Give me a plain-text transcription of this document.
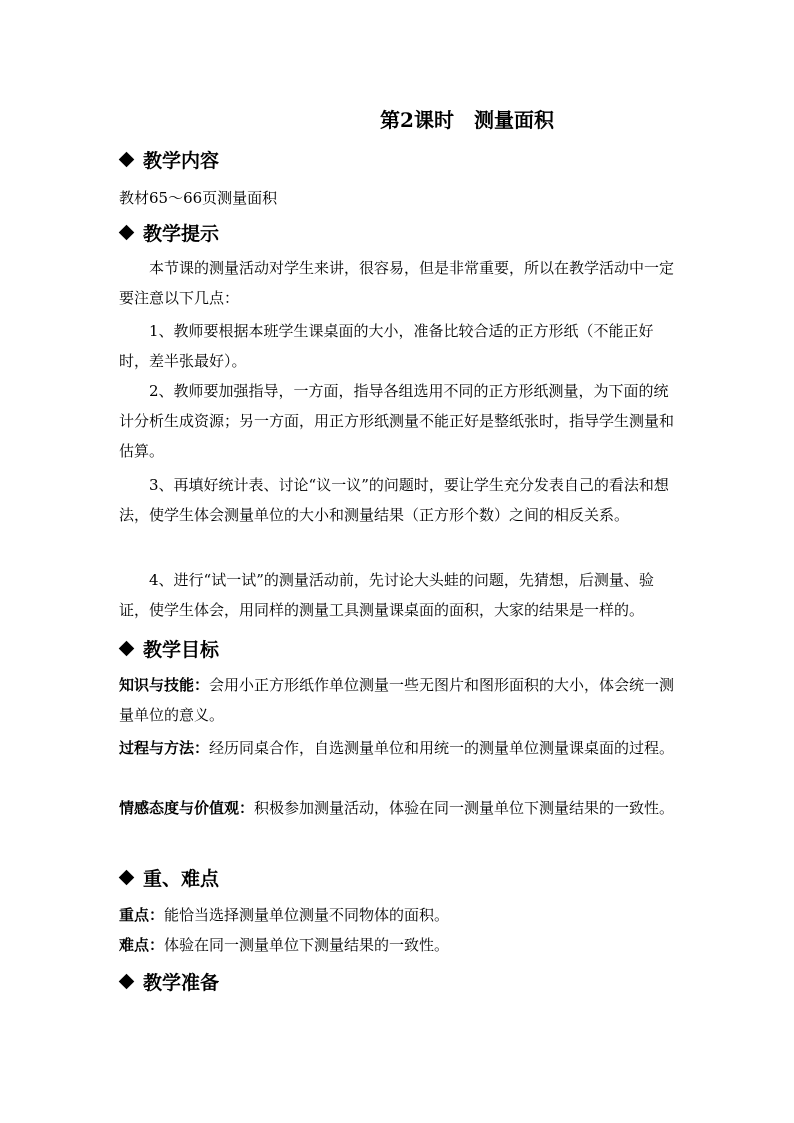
第2课时　测量面积
教学内容
教材65～66页测量面积
教学提示
本节课的测量活动对学生来讲，很容易，但是非常重要，所以在教学活动中一定要注意以下几点：
1、教师要根据本班学生课桌面的大小，准备比较合适的正方形纸（不能正好时，差半张最好）。
2、教师要加强指导，一方面，指导各组选用不同的正方形纸测量，为下面的统计分析生成资源；另一方面，用正方形纸测量不能正好是整纸张时，指导学生测量和估算。
3、再填好统计表、讨论“议一议”的问题时，要让学生充分发表自己的看法和想法，使学生体会测量单位的大小和测量结果（正方形个数）之间的相反关系。
4、进行“试一试”的测量活动前，先讨论大头蛙的问题，先猜想，后测量、验证，使学生体会，用同样的测量工具测量课桌面的面积，大家的结果是一样的。
教学目标
知识与技能：会用小正方形纸作单位测量一些无图片和图形面积的大小，体会统一测量单位的意义。
过程与方法：经历同桌合作，自选测量单位和用统一的测量单位测量课桌面的过程。
情感态度与价值观：积极参加测量活动，体验在同一测量单位下测量结果的一致性。
重、难点
重点：能恰当选择测量单位测量不同物体的面积。
难点：体验在同一测量单位下测量结果的一致性。
教学准备
